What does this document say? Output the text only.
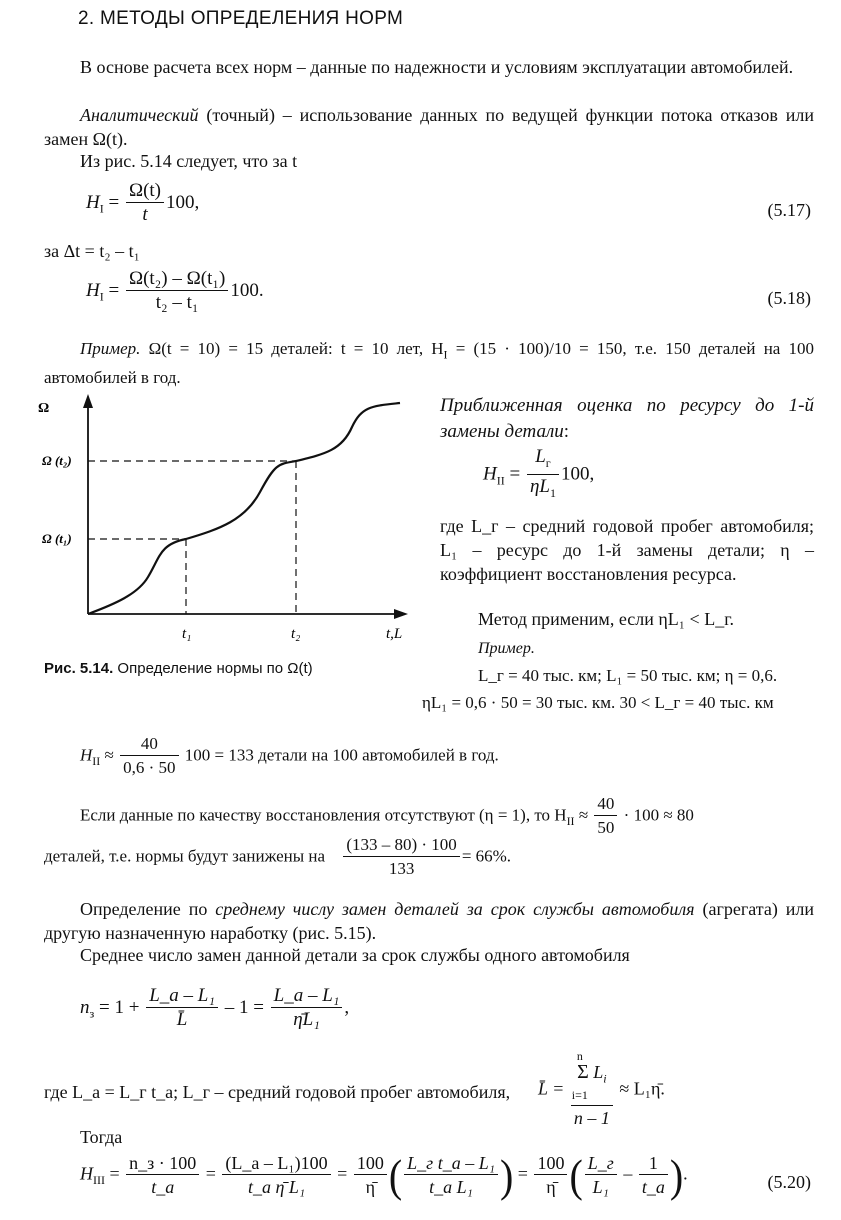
2. МЕТОДЫ ОПРЕДЕЛЕНИЯ НОРМ
В основе расчета всех норм – данные по надежности и условиям эксплуатации автомобилей.
Аналитический (точный) – использование данных по ведущей функции потока отказов или замен Ω(t).
Из рис. 5.14 следует, что за t
$H_I = \frac{\Omega(t)}{t} 100$,	(5.17)
за Δt = t₂ – t₁
$H_I = \frac{\text{Ω(t₂) – Ω(t₁)}}{\text{t₂ – t₁}} 100$.	(5.18)
Пример. Ω(t = 10) = 15 деталей: t = 10 лет, $H_I = (15 \cdot 100)/10 = 150$, т.е. 150 деталей на 100 автомобилей в год.
Ω
Ω (t₂)
Ω (t₁)
t₁	t₂	t,L
Рис. 5.14. Определение нормы по Ω(t)
Приближенная оценка по ресурсу до 1-й замены детали:
$H_{II} = \frac{L_г}{\eta L_1} 100$,
где L_г – средний годовой пробег автомобиля; L₁ – ресурс до 1-й замены детали; η – коэффициент восстановления ресурса.
Метод применим, если ηL₁ < L_г.
Пример.
L_г = 40 тыс. км; L₁ = 50 тыс. км; η = 0,6.
ηL₁ = 0,6 · 50 = 30 тыс. км. 30 < L_г = 40 тыс. км
$H_{II} \approx \frac{40}{0,6 \cdot 50} 100 = 133$ детали на 100 автомобилей в год.
Если данные по качеству восстановления отсутствуют (η = 1), то $H_{II} \approx \frac{40}{50} \cdot 100 \approx 80$
деталей, т.е. нормы будут занижены на $\frac{(133 - 80) \cdot 100}{133} = 66\%$.
Определение по среднему числу замен деталей за срок службы автомобиля (агрегата) или другую назначенную наработку (рис. 5.15).
Среднее число замен данной детали за срок службы одного автомобиля
$n_з = 1 + \frac{\text{L\_a – L₁}}{L̄} - 1 = \frac{\text{L\_a – L₁}}{\text{η̄L₁}}$ ,
где L_a = L_г t_a; L_г – средний годовой пробег автомобиля, L̄ = n
Σ $L_i$
i=1
n – 1 ≈ L₁η̄.
Тогда
$H_{III} = \frac{n\_з \cdot 100}{t\_a} = \frac{\text{(L\_a – L₁)100}}{\text{t\_a η̄ L₁}} = \frac{100}{\etā}$ ( $\frac{\text{L\_г t\_a – L₁}}{\text{t\_a L₁}}$ ) = $\frac{100}{\etā}$ ( $\frac{L\_г}{\text{L₁}} - \frac{1}{t\_a}$ ).	(5.20)
